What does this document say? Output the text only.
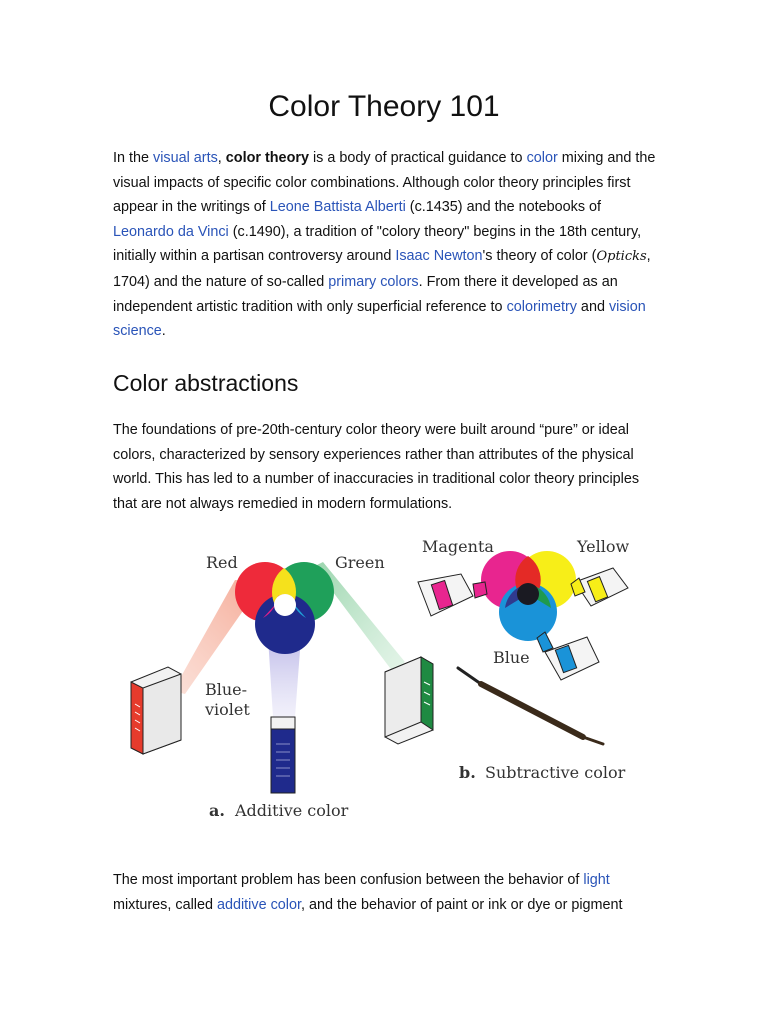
Color Theory 101

In the visual arts, color theory is a body of practical guidance to color mixing and the visual impacts of specific color combinations. Although color theory principles first appear in the writings of Leone Battista Alberti (c.1435) and the notebooks of Leonardo da Vinci (c.1490), a tradition of "colory theory" begins in the 18th century, initially within a partisan controversy around Isaac Newton's theory of color (Opticks, 1704) and the nature of so-called primary colors. From there it developed as an independent artistic tradition with only superficial reference to colorimetry and vision science.

Color abstractions

The foundations of pre-20th-century color theory were built around “pure” or ideal colors, characterized by sensory experiences rather than attributes of the physical world. This has led to a number of inaccuracies in traditional color theory principles that are not always remedied in modern formulations.

Red	Green
Blue-
violet
a. Additive color
Magenta	Yellow
Blue
b. Subtractive color

The most important problem has been confusion between the behavior of light mixtures, called additive color, and the behavior of paint or ink or dye or pigment
